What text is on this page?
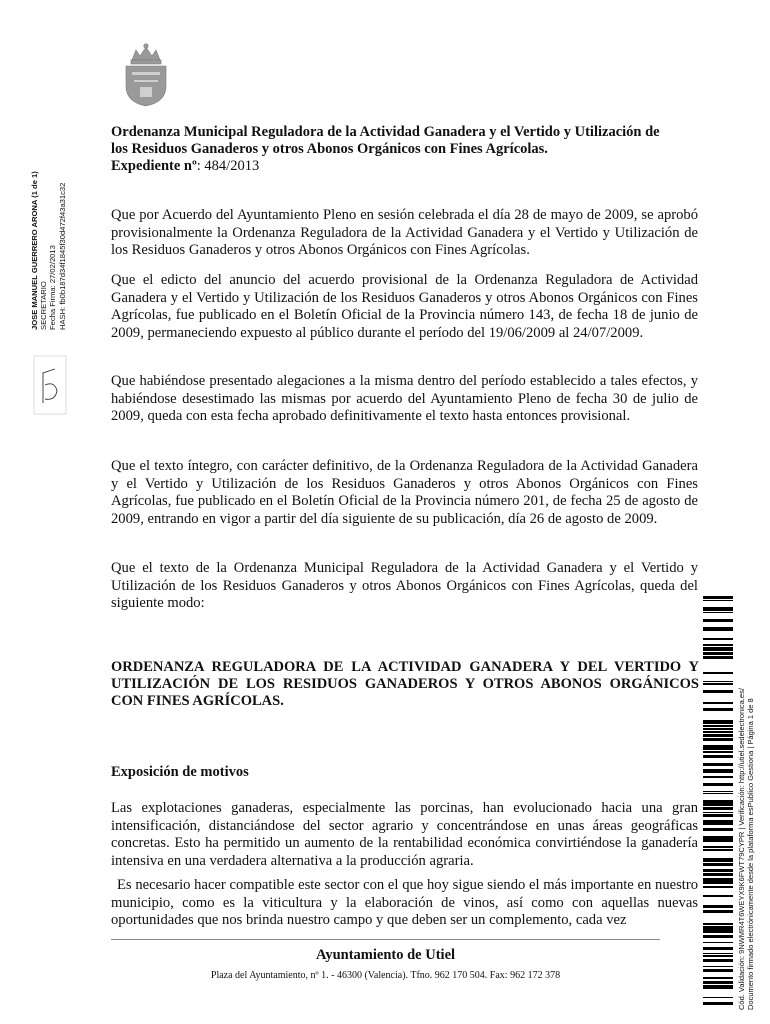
JOSE MANUEL GUERRERO ARONA (1 de 1) SECRETARIO Fecha Firma: 27/02/2013 HASH: fb0b187d34f1845f30d472f43a31c32
Ordenanza Municipal Reguladora de la Actividad Ganadera y el Vertido y Utilización de
los Residuos Ganaderos y otros Abonos Orgánicos con Fines Agrícolas.
Expediente nº: 484/2013

Que por Acuerdo del Ayuntamiento Pleno en sesión celebrada el día 28 de mayo de 2009, se aprobó provisionalmente la Ordenanza Reguladora de la Actividad Ganadera y el Vertido y Utilización de los Residuos Ganaderos y otros Abonos Orgánicos con Fines Agrícolas.

Que el edicto del anuncio del acuerdo provisional de la Ordenanza Reguladora de Actividad Ganadera y el Vertido y Utilización de los Residuos Ganaderos y otros Abonos Orgánicos con Fines Agrícolas, fue publicado en el Boletín Oficial de la Provincia número 143, de fecha 18 de junio de 2009, permaneciendo expuesto al público durante el período del 19/06/2009 al 24/07/2009.

Que habiéndose presentado alegaciones a la misma dentro del período establecido a tales efectos, y habiéndose desestimado las mismas por acuerdo del Ayuntamiento Pleno de fecha 30 de julio de 2009, queda con esta fecha aprobado definitivamente el texto hasta entonces provisional.

Que el texto íntegro, con carácter definitivo, de la Ordenanza Reguladora de la Actividad Ganadera y el Vertido y Utilización de los Residuos Ganaderos y otros Abonos Orgánicos con Fines Agrícolas, fue publicado en el Boletín Oficial de la Provincia número 201, de fecha 25 de agosto de 2009, entrando en vigor a partir del día siguiente de su publicación, día 26 de agosto de 2009.

Que el texto de la Ordenanza Municipal Reguladora de la Actividad Ganadera y el Vertido y Utilización de los Residuos Ganaderos y otros Abonos Orgánicos con Fines Agrícolas, queda del siguiente modo:

ORDENANZA REGULADORA DE LA ACTIVIDAD GANADERA Y DEL VERTIDO Y UTILIZACIÓN DE LOS RESIDUOS GANADEROS Y OTROS ABONOS ORGÁNICOS CON FINES AGRÍCOLAS.

Exposición de motivos

Las explotaciones ganaderas, especialmente las porcinas, han evolucionado hacia una gran intensificación, distanciándose del sector agrario y concentrándose en unas áreas geográficas concretas. Esto ha permitido un aumento de la rentabilidad económica convirtiéndose la ganadería intensiva en una verdadera alternativa a la producción agraria.

Es necesario hacer compatible este sector con el que hoy sigue siendo el más importante en nuestro municipio, como es la viticultura y la elaboración de vinos, así como con aquellas nuevas oportunidades que nos brinda nuestro campo y que deben ser un complemento, cada vez

Ayuntamiento de Utiel
Plaza del Ayuntamiento, nº 1. - 46300 (Valencia). Tfno. 962 170 504. Fax: 962 172 378	Cód. Validación: 9NWMR4T6WEYX9K6FWT79CYPR | Verificación: http://utiel.sedelectronica.es/ Documento firmado electrónicamente desde la plataforma esPublico Gestiona | Página 1 de 8
